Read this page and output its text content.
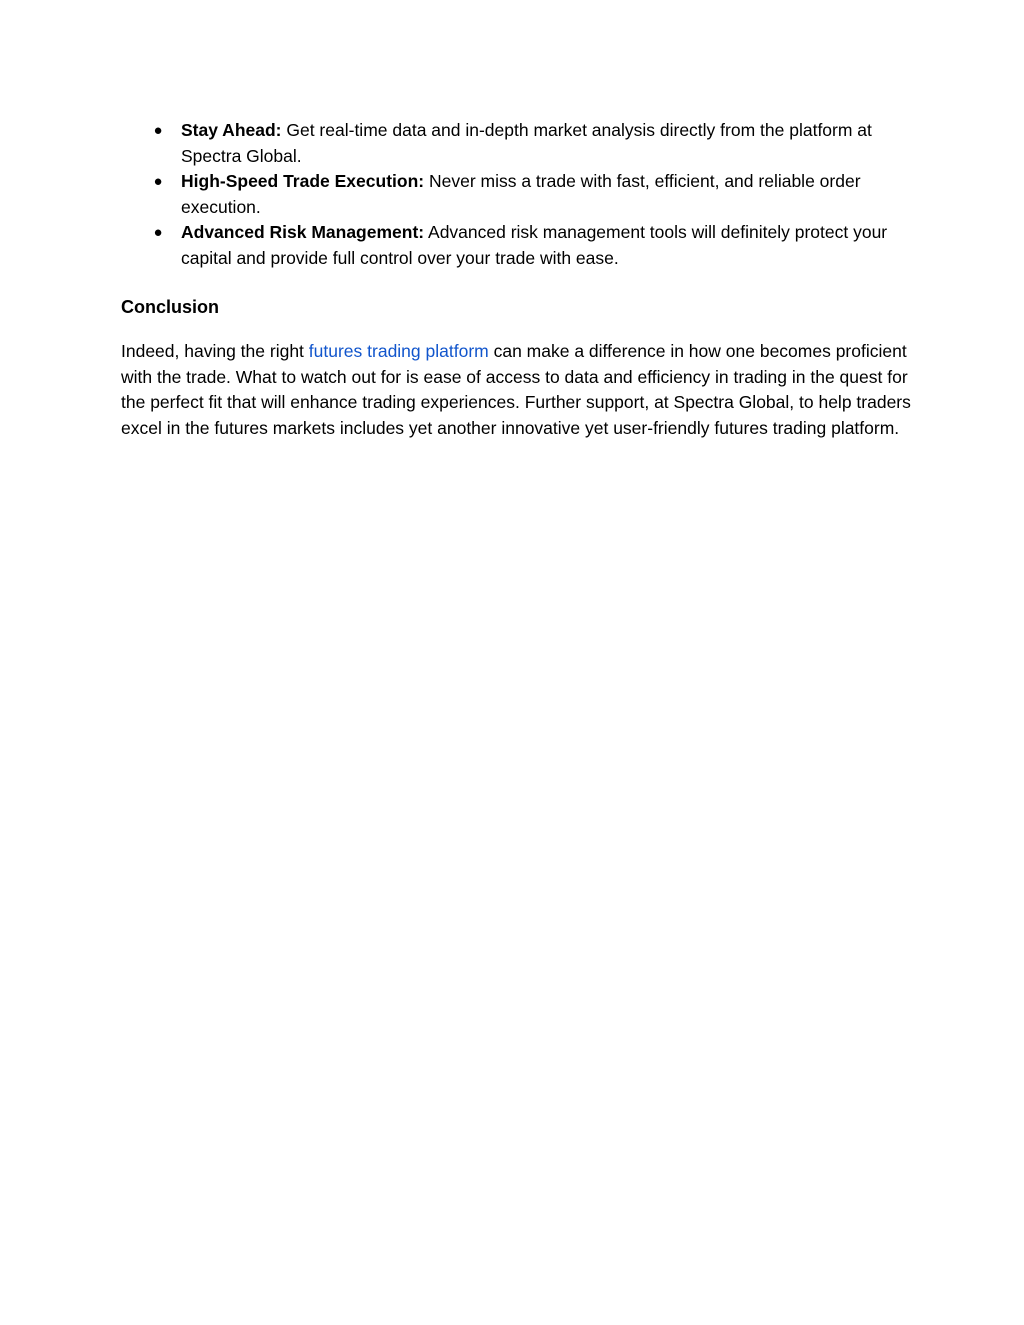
● Stay Ahead: Get real-time data and in-depth market analysis directly from the platform at Spectra Global.
● High-Speed Trade Execution: Never miss a trade with fast, efficient, and reliable order execution.
● Advanced Risk Management: Advanced risk management tools will definitely protect your capital and provide full control over your trade with ease.
Conclusion

Indeed, having the right futures trading platform can make a difference in how one becomes proficient with the trade. What to watch out for is ease of access to data and efficiency in trading in the quest for the perfect fit that will enhance trading experiences. Further support, at Spectra Global, to help traders excel in the futures markets includes yet another innovative yet user-friendly futures trading platform.
